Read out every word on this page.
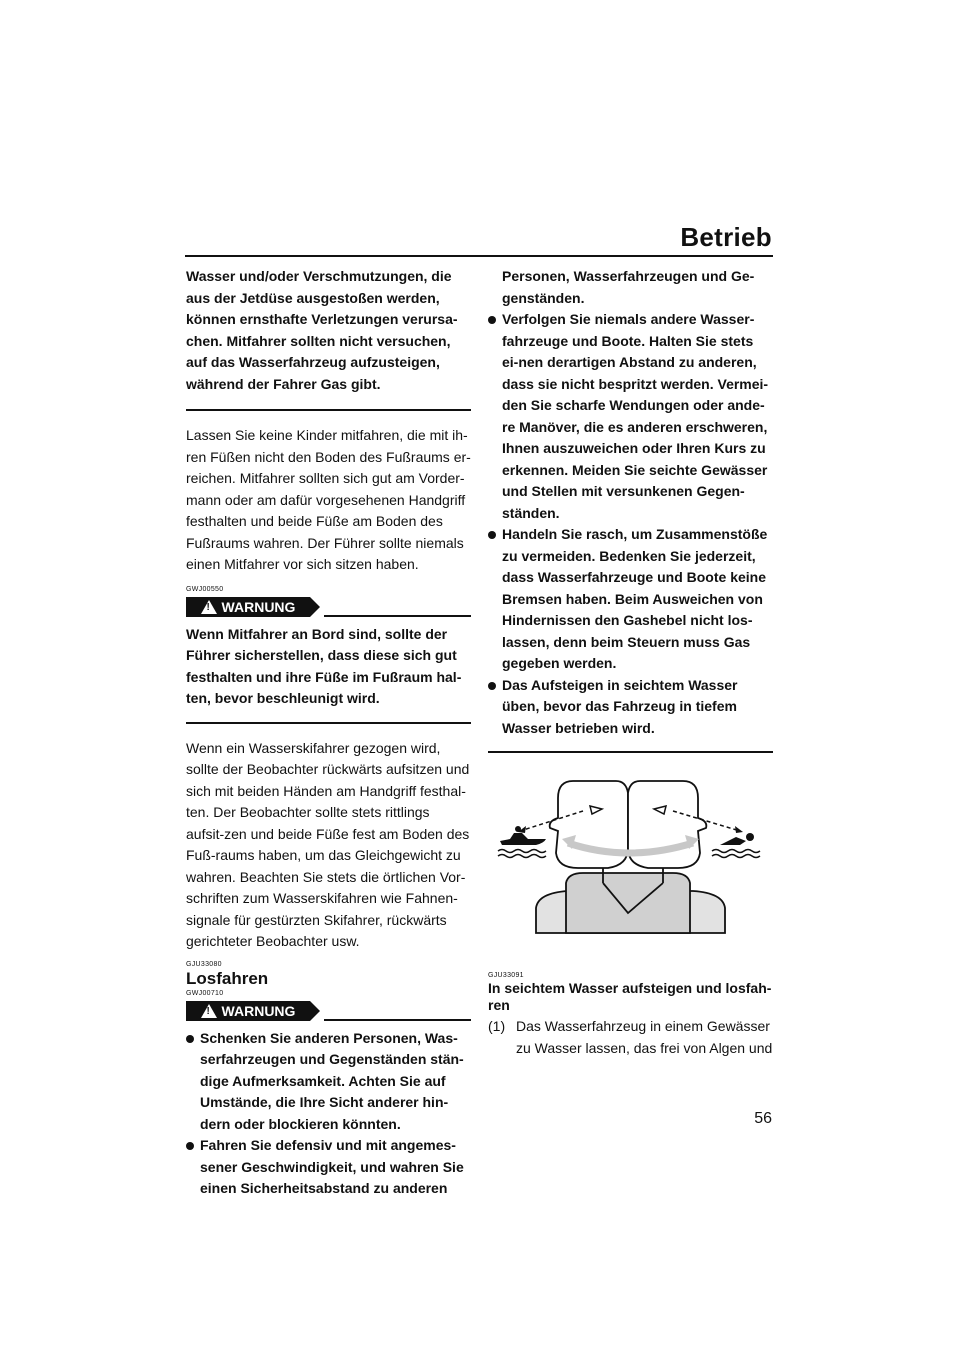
Betrieb

Wasser und/oder Verschmutzungen, die aus der Jetdüse ausgestoßen werden, können ernsthafte Verletzungen verursa-chen. Mitfahrer sollten nicht versuchen, auf das Wasserfahrzeug aufzusteigen, während der Fahrer Gas gibt.

Lassen Sie keine Kinder mitfahren, die mit ih-ren Füßen nicht den Boden des Fußraums er-reichen. Mitfahrer sollten sich gut am Vorder-mann oder am dafür vorgesehenen Handgriff festhalten und beide Füße am Boden des Fußraums wahren. Der Führer sollte niemals einen Mitfahrer vor sich sitzen haben.

GWJ00550

! WARNUNG

Wenn Mitfahrer an Bord sind, sollte der Führer sicherstellen, dass diese sich gut festhalten und ihre Füße im Fußraum hal-ten, bevor beschleunigt wird.

Wenn ein Wasserskifahrer gezogen wird, sollte der Beobachter rückwärts aufsitzen und sich mit beiden Händen am Handgriff festhal-ten. Der Beobachter sollte stets rittlings aufsit-zen und beide Füße fest am Boden des Fuß-raums haben, um das Gleichgewicht zu wahren. Beachten Sie stets die örtlichen Vor-schriften zum Wasserskifahren wie Fahnen-signale für gestürzten Skifahrer, rückwärts gerichteter Beobachter usw.

GJU33080

Losfahren

GWJ00710

! WARNUNG
Schenken Sie anderen Personen, Was-serfahrzeugen und Gegenständen stän-dige Aufmerksamkeit. Achten Sie auf Umstände, die Ihre Sicht anderer hin-dern oder blockieren könnten.
Fahren Sie defensiv und mit angemes-sener Geschwindigkeit, und wahren Sie einen Sicherheitsabstand zu anderen

Personen, Wasserfahrzeugen und Ge-genständen.

Verfolgen Sie niemals andere Wasser-fahrzeuge und Boote. Halten Sie stets ei-nen derartigen Abstand zu anderen, dass sie nicht bespritzt werden. Vermei-den Sie scharfe Wendungen oder ande-re Manöver, die es anderen erschweren, Ihnen auszuweichen oder Ihren Kurs zu erkennen. Meiden Sie seichte Gewässer und Stellen mit versunkenen Gegen-ständen.
Handeln Sie rasch, um Zusammenstöße zu vermeiden. Bedenken Sie jederzeit, dass Wasserfahrzeuge und Boote keine Bremsen haben. Beim Ausweichen von Hindernissen den Gashebel nicht los-lassen, denn beim Steuern muss Gas gegeben werden.
Das Aufsteigen in seichtem Wasser üben, bevor das Fahrzeug in tiefem Wasser betrieben wird.

GJU33091

In seichtem Wasser aufsteigen und losfah-ren

(1) Das Wasserfahrzeug in einem Gewässer zu Wasser lassen, das frei von Algen und
56
